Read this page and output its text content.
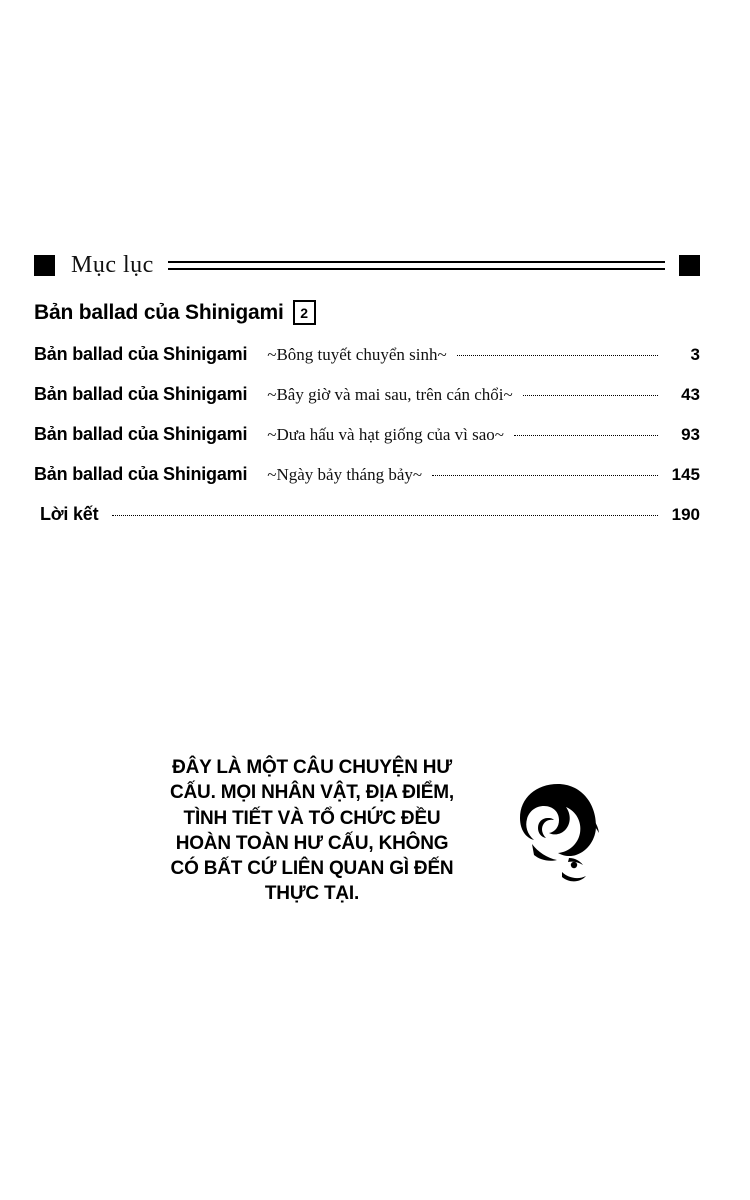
Mục lục
Bản ballad của Shinigami	2
Bản ballad của Shinigami ~Bông tuyết chuyển sinh~	3
Bản ballad của Shinigami ~Bây giờ và mai sau, trên cán chổi~	43
Bản ballad của Shinigami ~Dưa hấu và hạt giống của vì sao~	93
Bản ballad của Shinigami ~Ngày bảy tháng bảy~	145
Lời kết	190
ĐÂY LÀ MỘT CÂU CHUYỆN HƯ CẤU. MỌI NHÂN VẬT, ĐỊA ĐIỂM, TÌNH TIẾT VÀ TỔ CHỨC ĐỀU HOÀN TOÀN HƯ CẤU, KHÔNG CÓ BẤT CỨ LIÊN QUAN GÌ ĐẾN THỰC TẠI.
